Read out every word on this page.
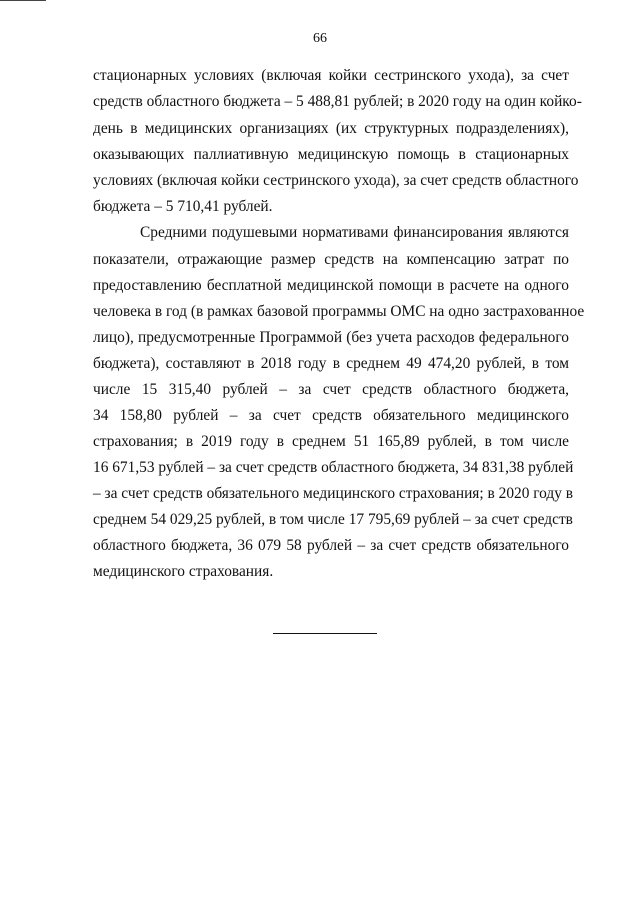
66
стационарных условиях (включая койки сестринского ухода), за счет
средств областного бюджета – 5 488,81 рублей; в 2020 году на один койко-
день в медицинских организациях (их структурных подразделениях),
оказывающих паллиативную медицинскую помощь в стационарных
условиях (включая койки сестринского ухода), за счет средств областного
бюджета – 5 710,41 рублей.
Средними подушевыми нормативами финансирования являются
показатели, отражающие размер средств на компенсацию затрат по
предоставлению бесплатной медицинской помощи в расчете на одного
человека в год (в рамках базовой программы ОМС на одно застрахованное
лицо), предусмотренные Программой (без учета расходов федерального
бюджета), составляют в 2018 году в среднем 49 474,20 рублей, в том
числе 15 315,40 рублей – за счет средств областного бюджета,
34 158,80 рублей – за счет средств обязательного медицинского
страхования; в 2019 году в среднем 51 165,89 рублей, в том числе
16 671,53 рублей – за счет средств областного бюджета, 34 831,38 рублей
– за счет средств обязательного медицинского страхования; в 2020 году в
среднем 54 029,25 рублей, в том числе 17 795,69 рублей – за счет средств
областного бюджета, 36 079 58 рублей – за счет средств обязательного
медицинского страхования.
